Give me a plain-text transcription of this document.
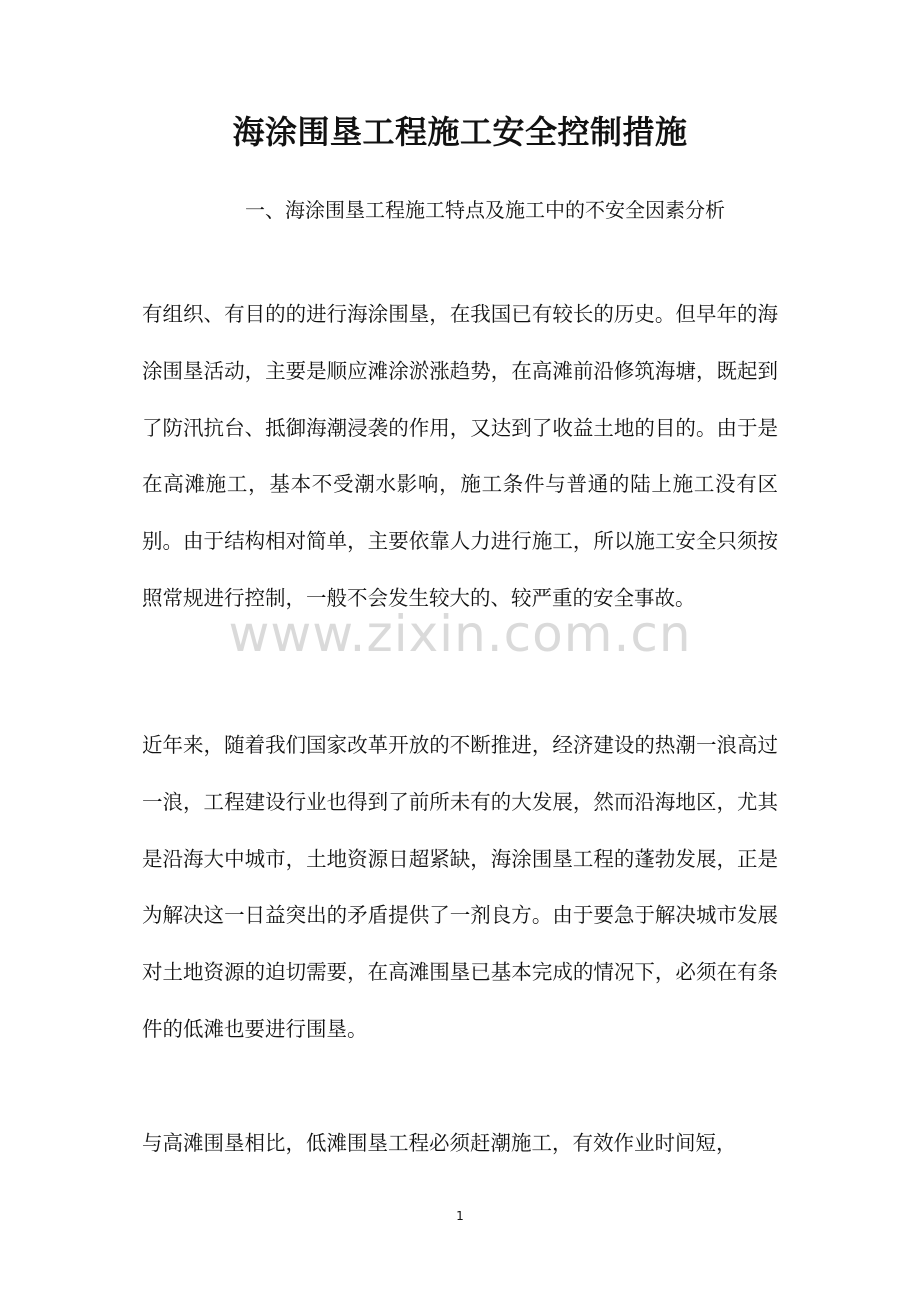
海涂围垦工程施工安全控制措施
一、海涂围垦工程施工特点及施工中的不安全因素分析
有组织、有目的的进行海涂围垦，在我国已有较长的历史。但早年的海涂围垦活动，主要是顺应滩涂淤涨趋势，在高滩前沿修筑海塘，既起到了防汛抗台、抵御海潮浸袭的作用，又达到了收益土地的目的。由于是在高滩施工，基本不受潮水影响，施工条件与普通的陆上施工没有区别。由于结构相对简单，主要依靠人力进行施工，所以施工安全只须按照常规进行控制，一般不会发生较大的、较严重的安全事故。
近年来，随着我们国家改革开放的不断推进，经济建设的热潮一浪高过一浪，工程建设行业也得到了前所未有的大发展，然而沿海地区，尤其是沿海大中城市，土地资源日超紧缺，海涂围垦工程的蓬勃发展，正是为解决这一日益突出的矛盾提供了一剂良方。由于要急于解决城市发展对土地资源的迫切需要，在高滩围垦已基本完成的情况下，必须在有条件的低滩也要进行围垦。
与高滩围垦相比，低滩围垦工程必须赶潮施工，有效作业时间短，
www.zixin.com.cn
1
